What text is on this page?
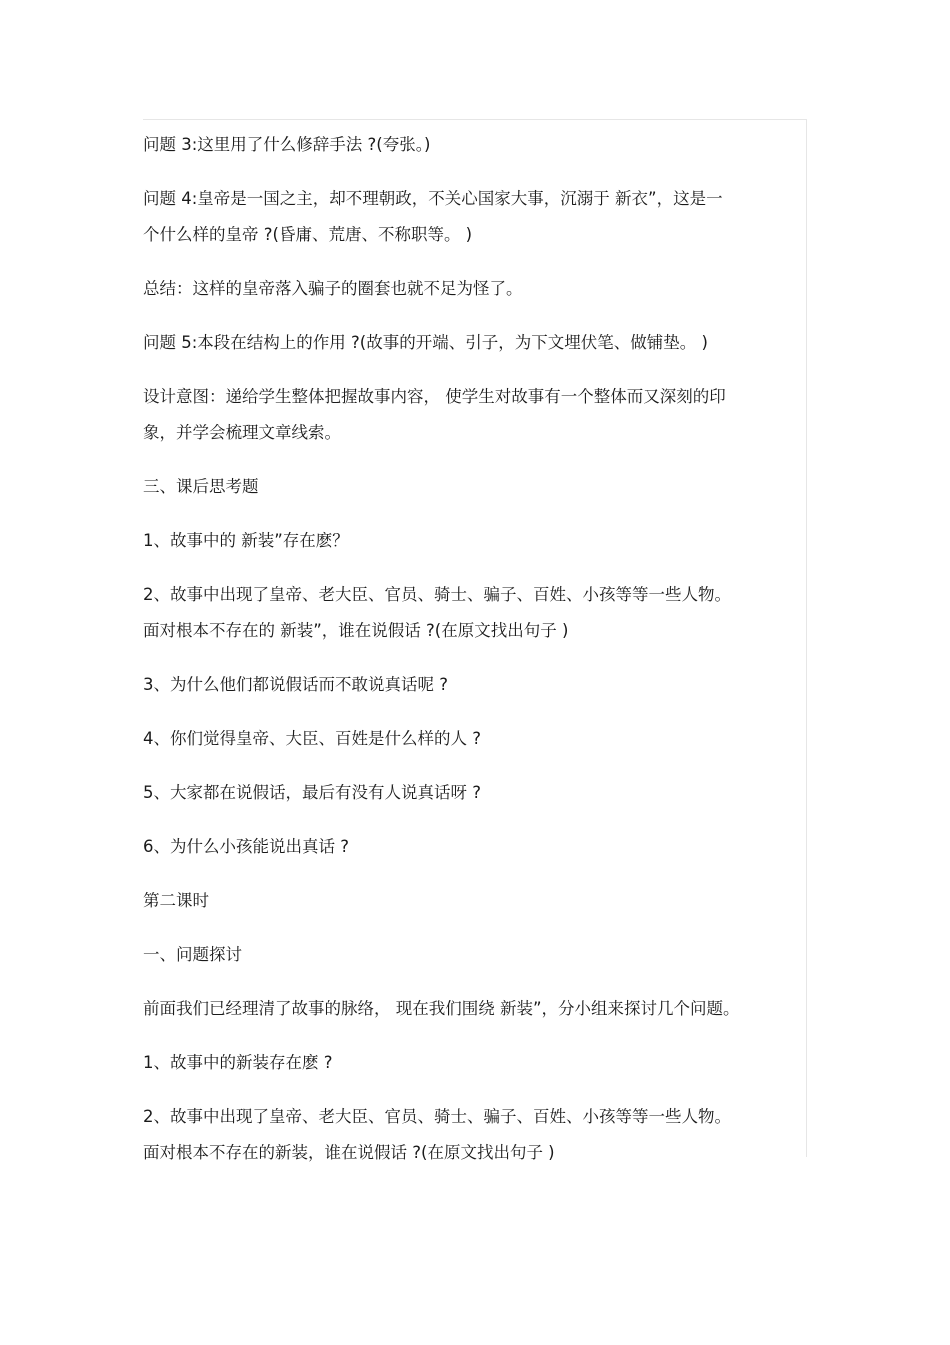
问题 3:这里用了什么修辞手法 ?(夸张。)

问题 4:皇帝是一国之主，却不理朝政，不关心国家大事，沉溺于 新衣”，这是一
个什么样的皇帝 ?(昏庸、荒唐、不称职等。 )

总结：这样的皇帝落入骗子的圈套也就不足为怪了。

问题 5:本段在结构上的作用 ?(故事的开端、引子，为下文埋伏笔、做铺垫。 )

设计意图：递给学生整体把握故事内容， 使学生对故事有一个整体而又深刻的印
象，并学会梳理文章线索。

三、课后思考题

1、故事中的 新装”存在麽？

2、故事中出现了皇帝、老大臣、官员、骑士、骗子、百姓、小孩等等一些人物。
面对根本不存在的 新装”，谁在说假话 ?(在原文找出句子 )

3、为什么他们都说假话而不敢说真话呢 ?

4、你们觉得皇帝、大臣、百姓是什么样的人 ?

5、大家都在说假话，最后有没有人说真话呀 ?

6、为什么小孩能说出真话 ?

第二课时

一、问题探讨

前面我们已经理清了故事的脉络， 现在我们围绕 新装”，分小组来探讨几个问题。

1、故事中的新装存在麽 ?

2、故事中出现了皇帝、老大臣、官员、骑士、骗子、百姓、小孩等等一些人物。
面对根本不存在的新装，谁在说假话 ?(在原文找出句子 )
